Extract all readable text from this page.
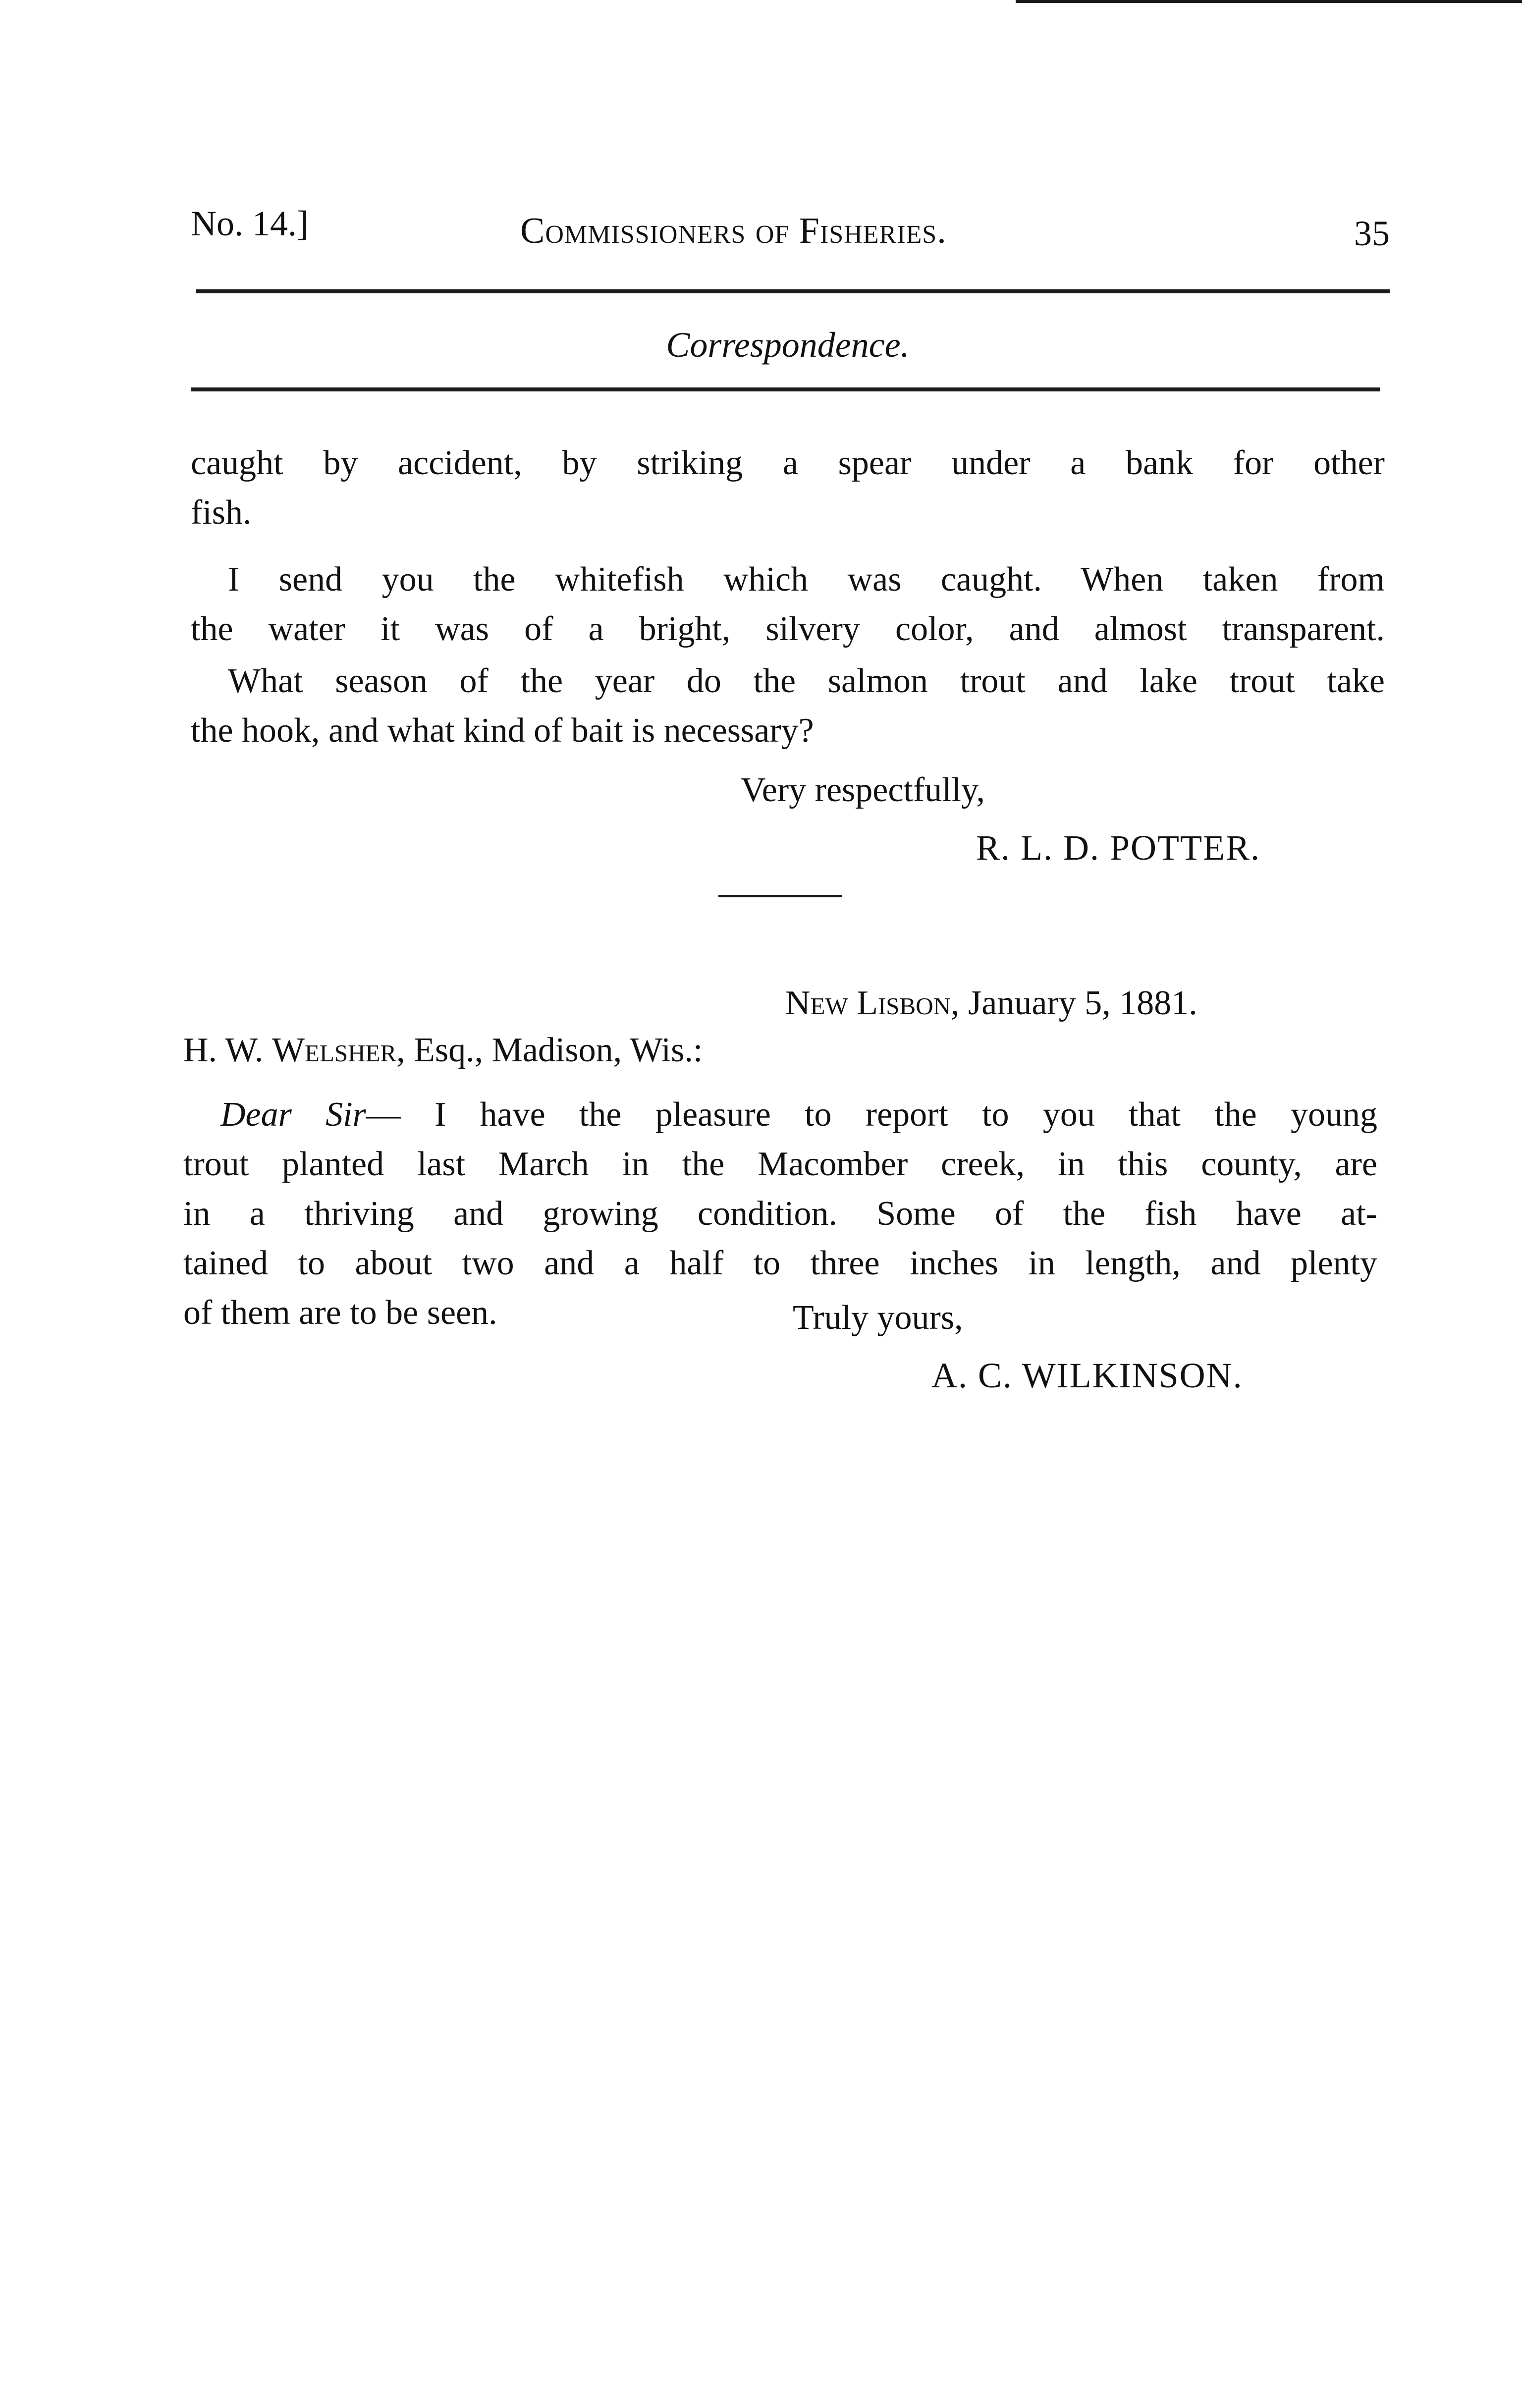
No. 14.]	Commissioners of Fisheries.	35
Correspondence.
caught by accident, by striking a spear under a bank for other
fish.
I send you the whitefish which was caught. When taken from
the water it was of a bright, silvery color, and almost transparent.
What season of the year do the salmon trout and lake trout take
the hook, and what kind of bait is necessary?
Very respectfully,
R. L. D. POTTER.
New Lisbon, January 5, 1881.
H. W. Welsher, Esq., Madison, Wis.:
Dear Sir— I have the pleasure to report to you that the young
trout planted last March in the Macomber creek, in this county, are
in a thriving and growing condition. Some of the fish have at-
tained to about two and a half to three inches in length, and plenty
of them are to be seen.	Truly yours,
A. C. WILKINSON.
